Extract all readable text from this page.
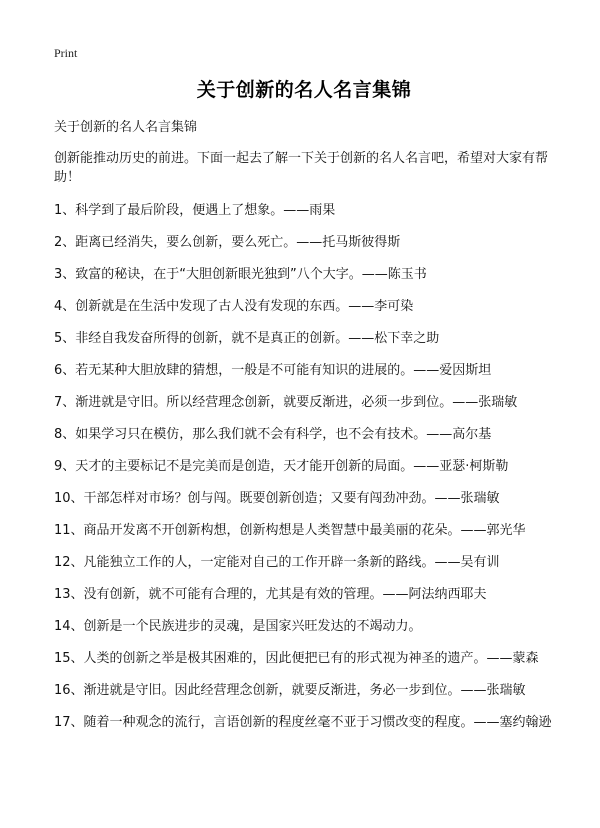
Print
关于创新的名人名言集锦

关于创新的名人名言集锦

创新能推动历史的前进。下面一起去了解一下关于创新的名人名言吧，希望对大家有帮助！

1、科学到了最后阶段，便遇上了想象。——雨果
2、距离已经消失，要么创新，要么死亡。——托马斯彼得斯
3、致富的秘诀，在于“大胆创新眼光独到”八个大字。——陈玉书
4、创新就是在生活中发现了古人没有发现的东西。——李可染
5、非经自我发奋所得的创新，就不是真正的创新。——松下幸之助
6、若无某种大胆放肆的猜想，一般是不可能有知识的进展的。——爱因斯坦
7、渐进就是守旧。所以经营理念创新，就要反渐进，必须一步到位。——张瑞敏
8、如果学习只在模仿，那么我们就不会有科学，也不会有技术。——高尔基
9、天才的主要标记不是完美而是创造，天才能开创新的局面。——亚瑟·柯斯勒
10、干部怎样对市场？创与闯。既要创新创造；又要有闯劲冲劲。——张瑞敏
11、商品开发离不开创新构想，创新构想是人类智慧中最美丽的花朵。——郭光华
12、凡能独立工作的人，一定能对自己的工作开辟一条新的路线。——吴有训
13、没有创新，就不可能有合理的，尤其是有效的管理。——阿法纳西耶夫
14、创新是一个民族进步的灵魂，是国家兴旺发达的不竭动力。
15、人类的创新之举是极其困难的，因此便把已有的形式视为神圣的遗产。——蒙森
16、渐进就是守旧。因此经营理念创新，就要反渐进，务必一步到位。——张瑞敏
17、随着一种观念的流行，言语创新的程度丝毫不亚于习惯改变的程度。——塞约翰逊
